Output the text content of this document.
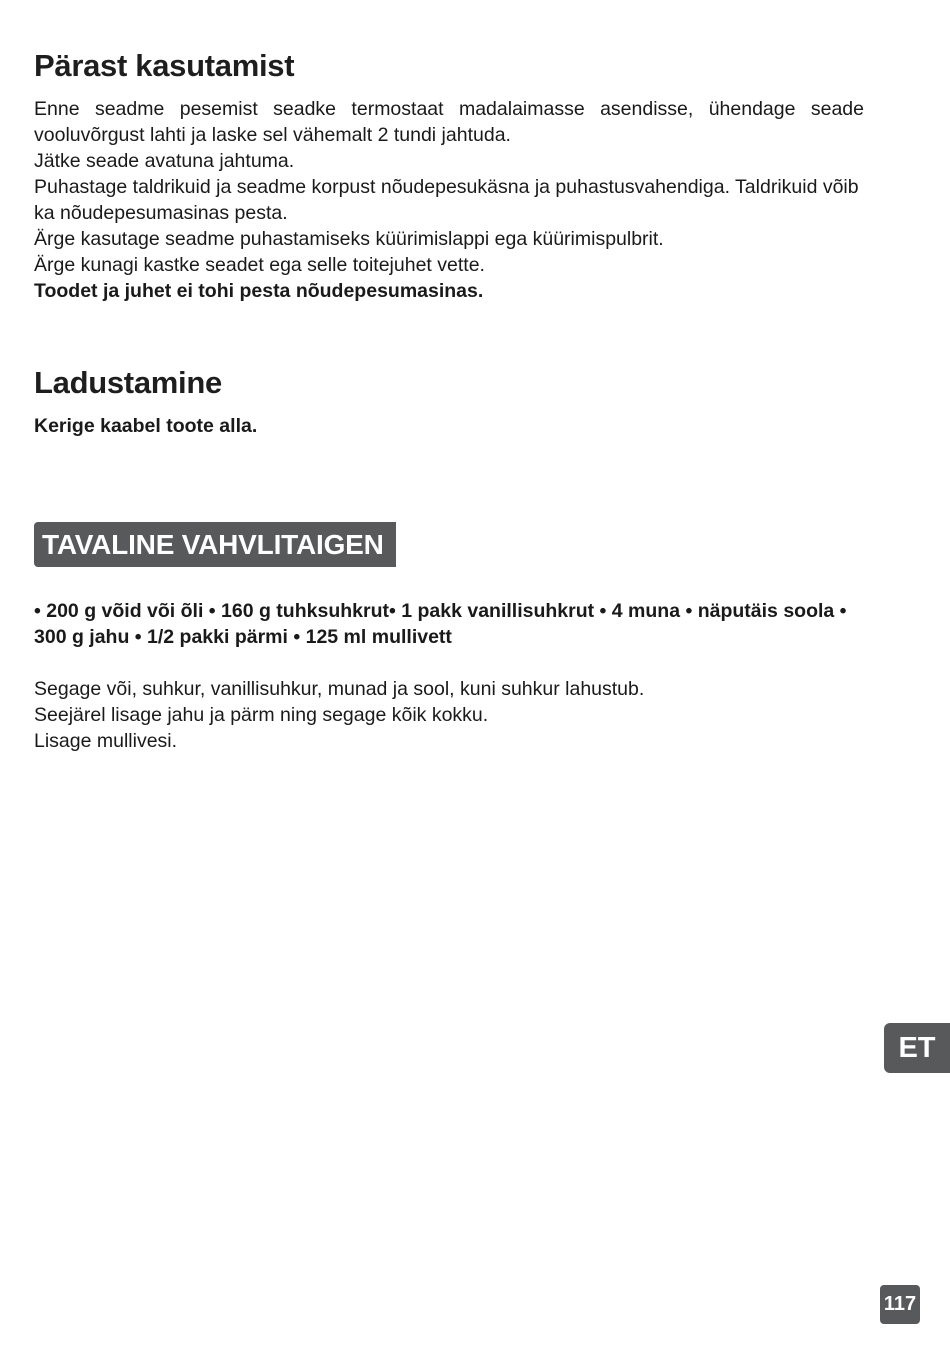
Pärast kasutamist

Enne seadme pesemist seadke termostaat madalaimasse asendisse, ühendage seade vooluvõrgust lahti ja laske sel vähemalt 2 tundi jahtuda.

Jätke seade avatuna jahtuma.

Puhastage taldrikuid ja seadme korpust nõudepesukäsna ja puhastusvahendiga. Taldrikuid võib ka nõudepesumasinas pesta.

Ärge kasutage seadme puhastamiseks küürimislappi ega küürimispulbrit.

Ärge kunagi kastke seadet ega selle toitejuhet vette.

Toodet ja juhet ei tohi pesta nõudepesumasinas.

Ladustamine

Kerige kaabel toote alla.

TAVALINE VAHVLITAIGEN

• 200 g võid või õli • 160 g tuhksuhkrut• 1 pakk vanillisuhkrut • 4 muna • näputäis soola •

300 g jahu • 1/2 pakki pärmi • 125 ml mullivett

Segage või, suhkur, vanillisuhkur, munad ja sool, kuni suhkur lahustub.

Seejärel lisage jahu ja pärm ning segage kõik kokku.

Lisage mullivesi.

ET
117
